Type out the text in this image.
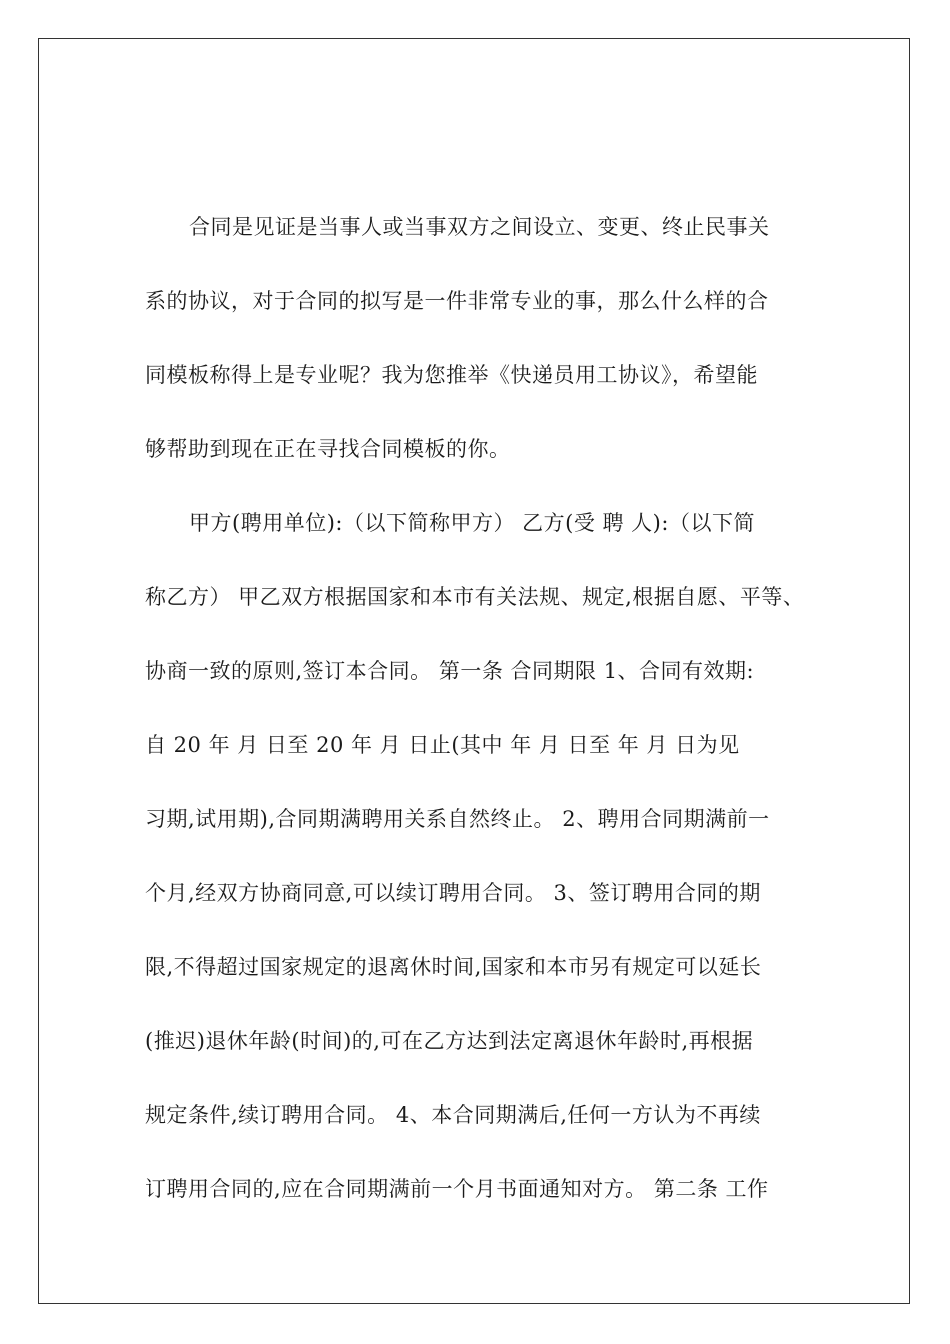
合同是见证是当事人或当事双方之间设立、变更、终止民事关
系的协议，对于合同的拟写是一件非常专业的事，那么什么样的合
同模板称得上是专业呢？我为您推举《快递员用工协议》，希望能
够帮助到现在正在寻找合同模板的你。
甲方(聘用单位):（以下简称甲方） 乙方(受 聘 人):（以下简
称乙方） 甲乙双方根据国家和本市有关法规、规定,根据自愿、平等、
协商一致的原则,签订本合同。 第一条 合同期限 1、合同有效期:
自 20 年 月 日至 20 年 月 日止(其中 年 月 日至 年 月 日为见
习期,试用期),合同期满聘用关系自然终止。 2、聘用合同期满前一
个月,经双方协商同意,可以续订聘用合同。 3、签订聘用合同的期
限,不得超过国家规定的退离休时间,国家和本市另有规定可以延长
(推迟)退休年龄(时间)的,可在乙方达到法定离退休年龄时,再根据
规定条件,续订聘用合同。 4、本合同期满后,任何一方认为不再续
订聘用合同的,应在合同期满前一个月书面通知对方。 第二条 工作
